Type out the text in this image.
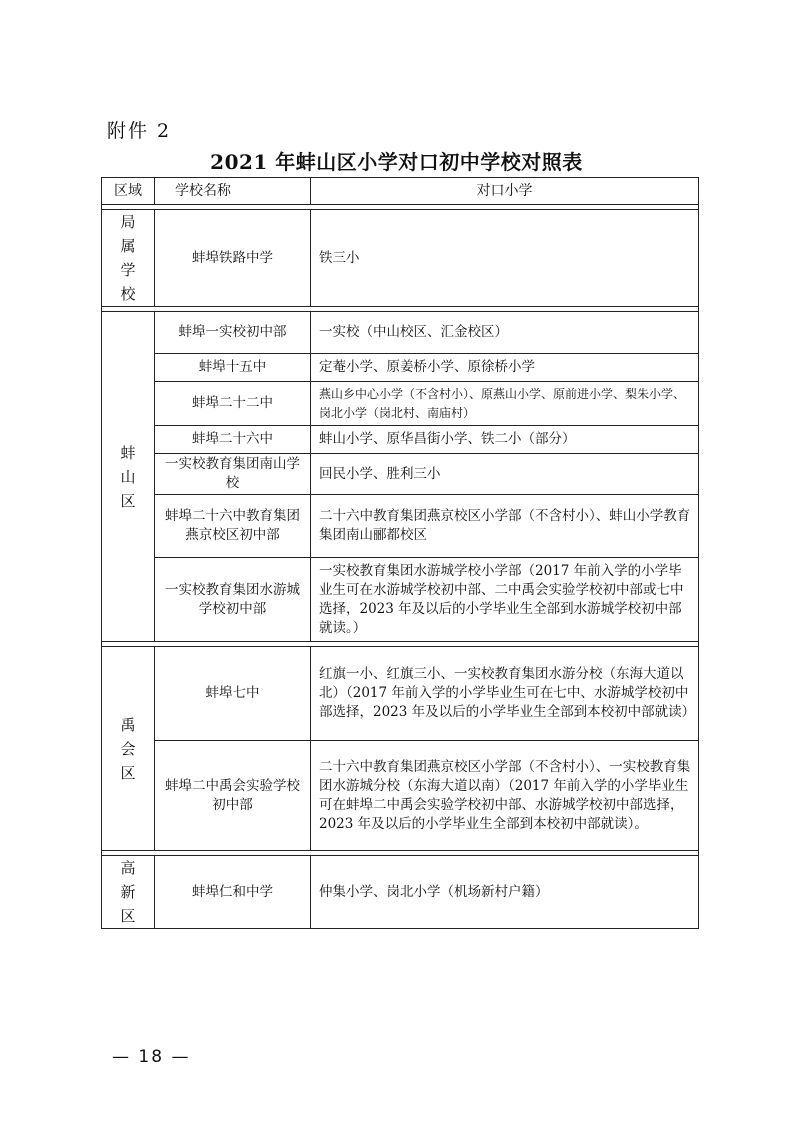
附件 2
2021 年蚌山区小学对口初中学校对照表
区域	学校名称	对口小学

局属学校	蚌埠铁路中学	铁三小

蚌山区	蚌埠一实校初中部	一实校（中山校区、汇金校区）
	蚌埠十五中	定菴小学、原姜桥小学、原徐桥小学
	蚌埠二十二中	燕山乡中心小学（不含村小）、原燕山小学、原前进小学、梨朱小学、岗北小学（岗北村、南庙村）
	蚌埠二十六中	蚌山小学、原华昌街小学、铁二小（部分）
	一实校教育集团南山学校	回民小学、胜利三小
	蚌埠二十六中教育集团燕京校区初中部	二十六中教育集团燕京校区小学部（不含村小）、蚌山小学教育集团南山郦都校区
	一实校教育集团水游城学校初中部	一实校教育集团水游城学校小学部（2017 年前入学的小学毕业生可在水游城学校初中部、二中禹会实验学校初中部或七中选择，2023 年及以后的小学毕业生全部到水游城学校初中部就读。）

禹会区	蚌埠七中	红旗一小、红旗三小、一实校教育集团水游分校（东海大道以北）（2017 年前入学的小学毕业生可在七中、水游城学校初中部选择，2023 年及以后的小学毕业生全部到本校初中部就读）
	蚌埠二中禹会实验学校初中部	二十六中教育集团燕京校区小学部（不含村小）、一实校教育集团水游城分校（东海大道以南）（2017 年前入学的小学毕业生可在蚌埠二中禹会实验学校初中部、水游城学校初中部选择，2023 年及以后的小学毕业生全部到本校初中部就读）。

高新区	蚌埠仁和中学	仲集小学、岗北小学（机场新村户籍）
— 18 —
